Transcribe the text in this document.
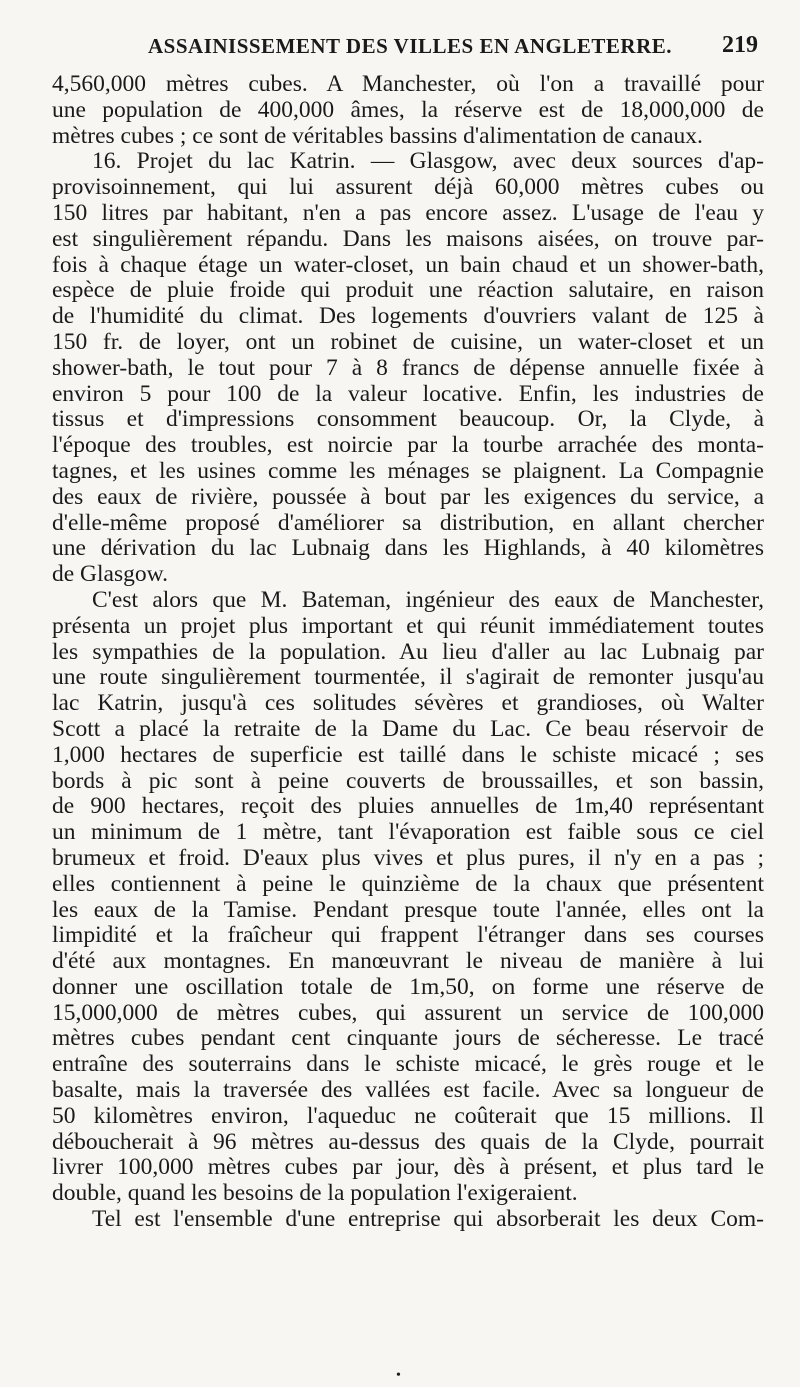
ASSAINISSEMENT DES VILLES EN ANGLETERRE. 219
4,560,000 mètres cubes. A Manchester, où l'on a travaillé pour
une population de 400,000 âmes, la réserve est de 18,000,000 de
mètres cubes ; ce sont de véritables bassins d'alimentation de canaux.
16. Projet du lac Katrin. — Glasgow, avec deux sources d'ap-
provisoinnement, qui lui assurent déjà 60,000 mètres cubes ou
150 litres par habitant, n'en a pas encore assez. L'usage de l'eau y
est singulièrement répandu. Dans les maisons aisées, on trouve par-
fois à chaque étage un water-closet, un bain chaud et un shower-bath,
espèce de pluie froide qui produit une réaction salutaire, en raison
de l'humidité du climat. Des logements d'ouvriers valant de 125 à
150 fr. de loyer, ont un robinet de cuisine, un water-closet et un
shower-bath, le tout pour 7 à 8 francs de dépense annuelle fixée à
environ 5 pour 100 de la valeur locative. Enfin, les industries de
tissus et d'impressions consomment beaucoup. Or, la Clyde, à
l'époque des troubles, est noircie par la tourbe arrachée des monta-
tagnes, et les usines comme les ménages se plaignent. La Compagnie
des eaux de rivière, poussée à bout par les exigences du service, a
d'elle-même proposé d'améliorer sa distribution, en allant chercher
une dérivation du lac Lubnaig dans les Highlands, à 40 kilomètres
de Glasgow.
C'est alors que M. Bateman, ingénieur des eaux de Manchester,
présenta un projet plus important et qui réunit immédiatement toutes
les sympathies de la population. Au lieu d'aller au lac Lubnaig par
une route singulièrement tourmentée, il s'agirait de remonter jusqu'au
lac Katrin, jusqu'à ces solitudes sévères et grandioses, où Walter
Scott a placé la retraite de la Dame du Lac. Ce beau réservoir de
1,000 hectares de superficie est taillé dans le schiste micacé ; ses
bords à pic sont à peine couverts de broussailles, et son bassin,
de 900 hectares, reçoit des pluies annuelles de 1m,40 représentant
un minimum de 1 mètre, tant l'évaporation est faible sous ce ciel
brumeux et froid. D'eaux plus vives et plus pures, il n'y en a pas ;
elles contiennent à peine le quinzième de la chaux que présentent
les eaux de la Tamise. Pendant presque toute l'année, elles ont la
limpidité et la fraîcheur qui frappent l'étranger dans ses courses
d'été aux montagnes. En manœuvrant le niveau de manière à lui
donner une oscillation totale de 1m,50, on forme une réserve de
15,000,000 de mètres cubes, qui assurent un service de 100,000
mètres cubes pendant cent cinquante jours de sécheresse. Le tracé
entraîne des souterrains dans le schiste micacé, le grès rouge et le
basalte, mais la traversée des vallées est facile. Avec sa longueur de
50 kilomètres environ, l'aqueduc ne coûterait que 15 millions. Il
déboucherait à 96 mètres au-dessus des quais de la Clyde, pourrait
livrer 100,000 mètres cubes par jour, dès à présent, et plus tard le
double, quand les besoins de la population l'exigeraient.
Tel est l'ensemble d'une entreprise qui absorberait les deux Com-
•
